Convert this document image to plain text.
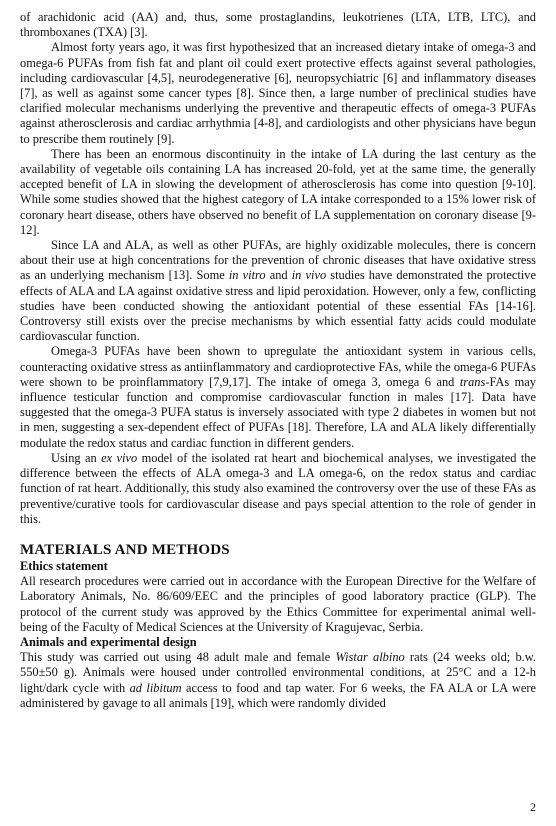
of arachidonic acid (AA) and, thus, some prostaglandins, leukotrienes (LTA, LTB, LTC), and thromboxanes (TXA) [3].

Almost forty years ago, it was first hypothesized that an increased dietary intake of omega-3 and omega-6 PUFAs from fish fat and plant oil could exert protective effects against several pathologies, including cardiovascular [4,5], neurodegenerative [6], neuropsychiatric [6] and inflammatory diseases [7], as well as against some cancer types [8]. Since then, a large number of preclinical studies have clarified molecular mechanisms underlying the preventive and therapeutic effects of omega-3 PUFAs against atherosclerosis and cardiac arrhythmia [4-8], and cardiologists and other physicians have begun to prescribe them routinely [9].

There has been an enormous discontinuity in the intake of LA during the last century as the availability of vegetable oils containing LA has increased 20-fold, yet at the same time, the generally accepted benefit of LA in slowing the development of atherosclerosis has come into question [9-10]. While some studies showed that the highest category of LA intake corresponded to a 15% lower risk of coronary heart disease, others have observed no benefit of LA supplementation on coronary disease [9-12].

Since LA and ALA, as well as other PUFAs, are highly oxidizable molecules, there is concern about their use at high concentrations for the prevention of chronic diseases that have oxidative stress as an underlying mechanism [13]. Some in vitro and in vivo studies have demonstrated the protective effects of ALA and LA against oxidative stress and lipid peroxidation. However, only a few, conflicting studies have been conducted showing the antioxidant potential of these essential FAs [14-16]. Controversy still exists over the precise mechanisms by which essential fatty acids could modulate cardiovascular function.

Omega-3 PUFAs have been shown to upregulate the antioxidant system in various cells, counteracting oxidative stress as antiinflammatory and cardioprotective FAs, while the omega-6 PUFAs were shown to be proinflammatory [7,9,17]. The intake of omega 3, omega 6 and trans-FAs may influence testicular function and compromise cardiovascular function in males [17]. Data have suggested that the omega-3 PUFA status is inversely associated with type 2 diabetes in women but not in men, suggesting a sex-dependent effect of PUFAs [18]. Therefore, LA and ALA likely differentially modulate the redox status and cardiac function in different genders.

Using an ex vivo model of the isolated rat heart and biochemical analyses, we investigated the difference between the effects of ALA omega-3 and LA omega-6, on the redox status and cardiac function of rat heart. Additionally, this study also examined the controversy over the use of these FAs as preventive/curative tools for cardiovascular disease and pays special attention to the role of gender in this.

MATERIALS AND METHODS
Ethics statement

All research procedures were carried out in accordance with the European Directive for the Welfare of Laboratory Animals, No. 86/609/EEC and the principles of good laboratory practice (GLP). The protocol of the current study was approved by the Ethics Committee for experimental animal well-being of the Faculty of Medical Sciences at the University of Kragujevac, Serbia.

Animals and experimental design

This study was carried out using 48 adult male and female Wistar albino rats (24 weeks old; b.w. 550±50 g). Animals were housed under controlled environmental conditions, at 25°C and a 12-h light/dark cycle with ad libitum access to food and tap water. For 6 weeks, the FA ALA or LA were administered by gavage to all animals [19], which were randomly divided

2
